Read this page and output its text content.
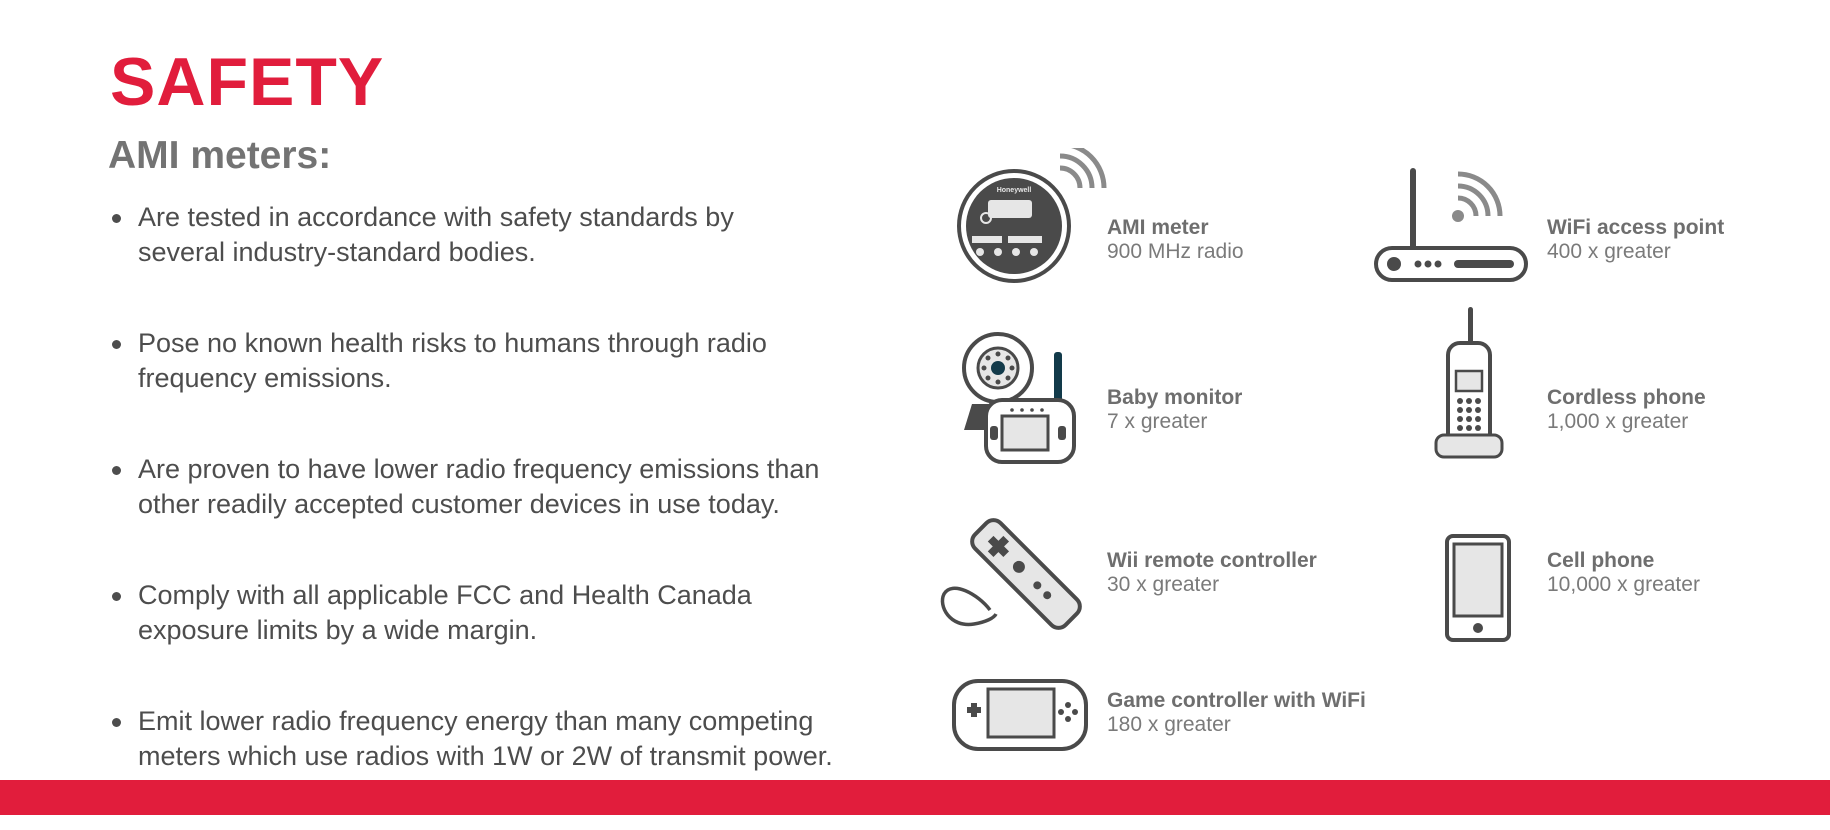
SAFETY
AMI meters:
Are tested in accordance with safety standards by
several industry-standard bodies.
Pose no known health risks to humans through radio
frequency emissions.
Are proven to have lower radio frequency emissions than
other readily accepted customer devices in use today.
Comply with all applicable FCC and Health Canada
exposure limits by a wide margin.
Emit lower radio frequency energy than many competing
meters which use radios with 1W or 2W of transmit power.
Honeywell
AMI meter
900 MHz radio
WiFi access point
400 x greater
Baby monitor
7 x greater
Cordless phone
1,000 x greater
Wii remote controller
30 x greater
Cell phone
10,000 x greater
Game controller with WiFi
180 x greater
